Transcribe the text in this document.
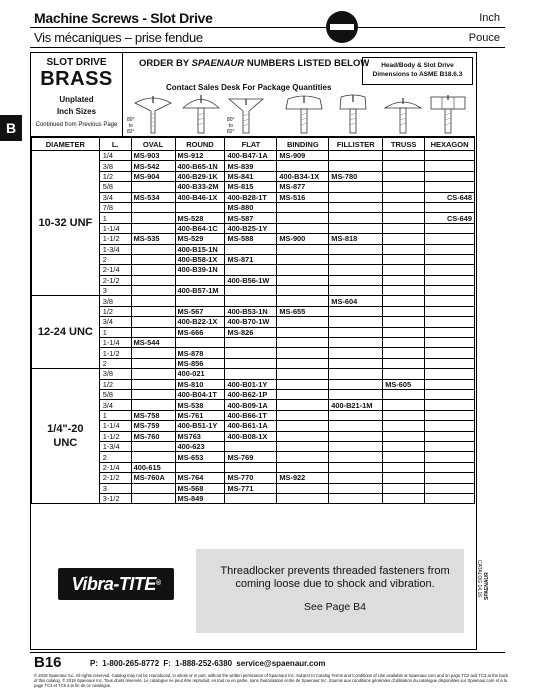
Machine Screws - Slot Drive
Vis mécaniques – prise fendue
Inch
Pouce
B
SLOT DRIVE
BRASS
Unplated
Inch Sizes
Continued from Previous Page
ORDER BY SPAENAUR NUMBERS LISTED BELOW
Contact Sales Desk For Package Quantities
Head/Body & Slot Drive
Dimensions to ASME B18.6.3
80°
to
82°
80°
to
82°
DIAMETER	L.	OVAL	ROUND	FLAT	BINDING	FILLISTER	TRUSS	HEXAGON
10-32 UNF	1/4	MS-903	MS-912	400-B47-1A	MS-909			
	3/8	MS-542	400-B65-1N	MS-839				
	1/2	MS-904	400-B29-1K	MS-841	400-B34-1X	MS-780		
	5/8		400-B33-2M	MS-815	MS-877			
	3/4	MS-534	400-B46-1X	400-B28-1T	MS-516			CS-648
	7/8			MS-880				
	1		MS-528	MS-587				CS-649
	1-1/4		400-B64-1C	400-B25-1Y				
	1-1/2	MS-535	MS-529	MS-588	MS-900	MS-818		
	1-3/4		400-B15-1N					
	2		400-B58-1X	MS-871				
	2-1/4		400-B39-1N					
	2-1/2			400-B56-1W				
	3		400-B57-1M					
12-24 UNC	3/8					MS-604		
	1/2		MS-567	400-B53-1N	MS-655			
	3/4		400-B22-1X	400-B70-1W				
	1		MS-666	MS-826				
	1-1/4	MS-544						
	1-1/2		MS-878					
	2		MS-856					
1/4"-20 UNC	3/8		400-021					
	1/2		MS-810	400-B01-1Y			MS-605	
	5/8		400-B04-1T	400-B62-1P				
	3/4		MS-538	400-B09-1A		400-B21-1M		
	1	MS-758	MS-761	400-B66-1T				
	1-1/4	MS-759	400-B51-1Y	400-B61-1A				
	1-1/2	MS-760	MS763	400-B08-1X				
	1-3/4		400-623					
	2		MS-653	MS-769				
	2-1/4	400-615						
	2-1/2	MS-760A	MS-764	MS-770	MS-922			
	3		MS-568	MS-771				
	3-1/2		MS-849					
Vibra-TITE®
Threadlocker prevents threaded fasteners from coming loose due to shock and vibration.
See Page B4
CATALOG 14.16 SPAENAUR
B16	P: 1-800-265-8772 F: 1-888-252-6380 service@spaenaur.com
© 2018 Spaenaur Inc. All rights reserved. Catalog may not be reproduced, in whole or in part, without the written permission of Spaenaur Inc. Subject to Catalog Terms and Conditions of Use available at Spaenaur.com and on page TC2 and TC3 at the back of this catalog. © 2018 Spaenaur Inc. Tous droits réservés. Le catalogue ne peut être reproduit, en tout ou en partie, sans l'autorisation écrite de Spaenaur Inc. Soumis aux conditions générales d'utilisation du catalogue disponibles sur Spaenaur.com et à la page TC4 et TC5 à la fin de ce catalogue.
